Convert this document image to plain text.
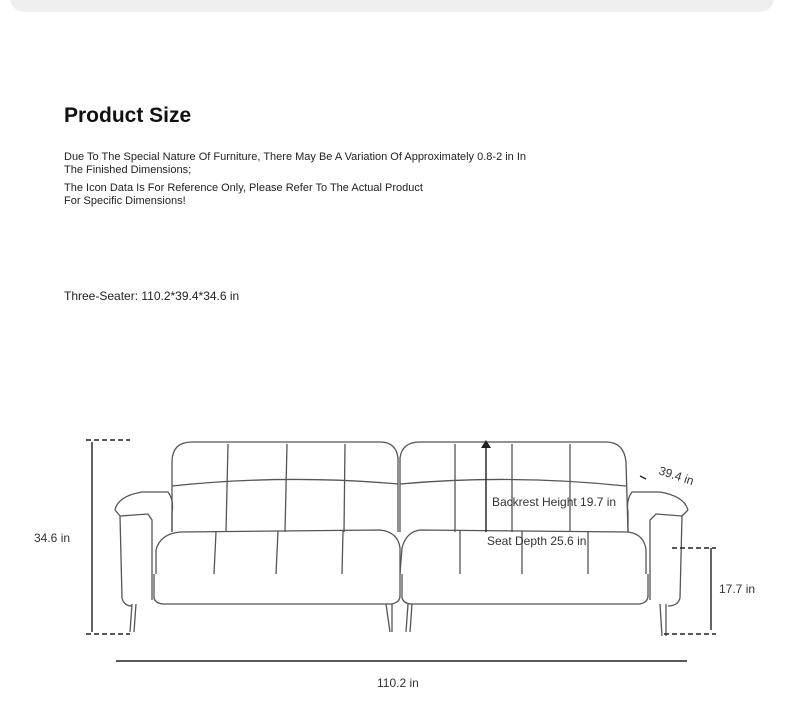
Product Size
Due To The Special Nature Of Furniture, There May Be A Variation Of Approximately 0.8-2 in In The Finished Dimensions;
The Icon Data Is For Reference Only, Please Refer To The Actual Product For Specific Dimensions!
Three-Seater: 110.2*39.4*34.6 in
34.6 in
39.4 in
Backrest Height 19.7 in
Seat Depth 25.6 in
17.7 in
110.2 in
